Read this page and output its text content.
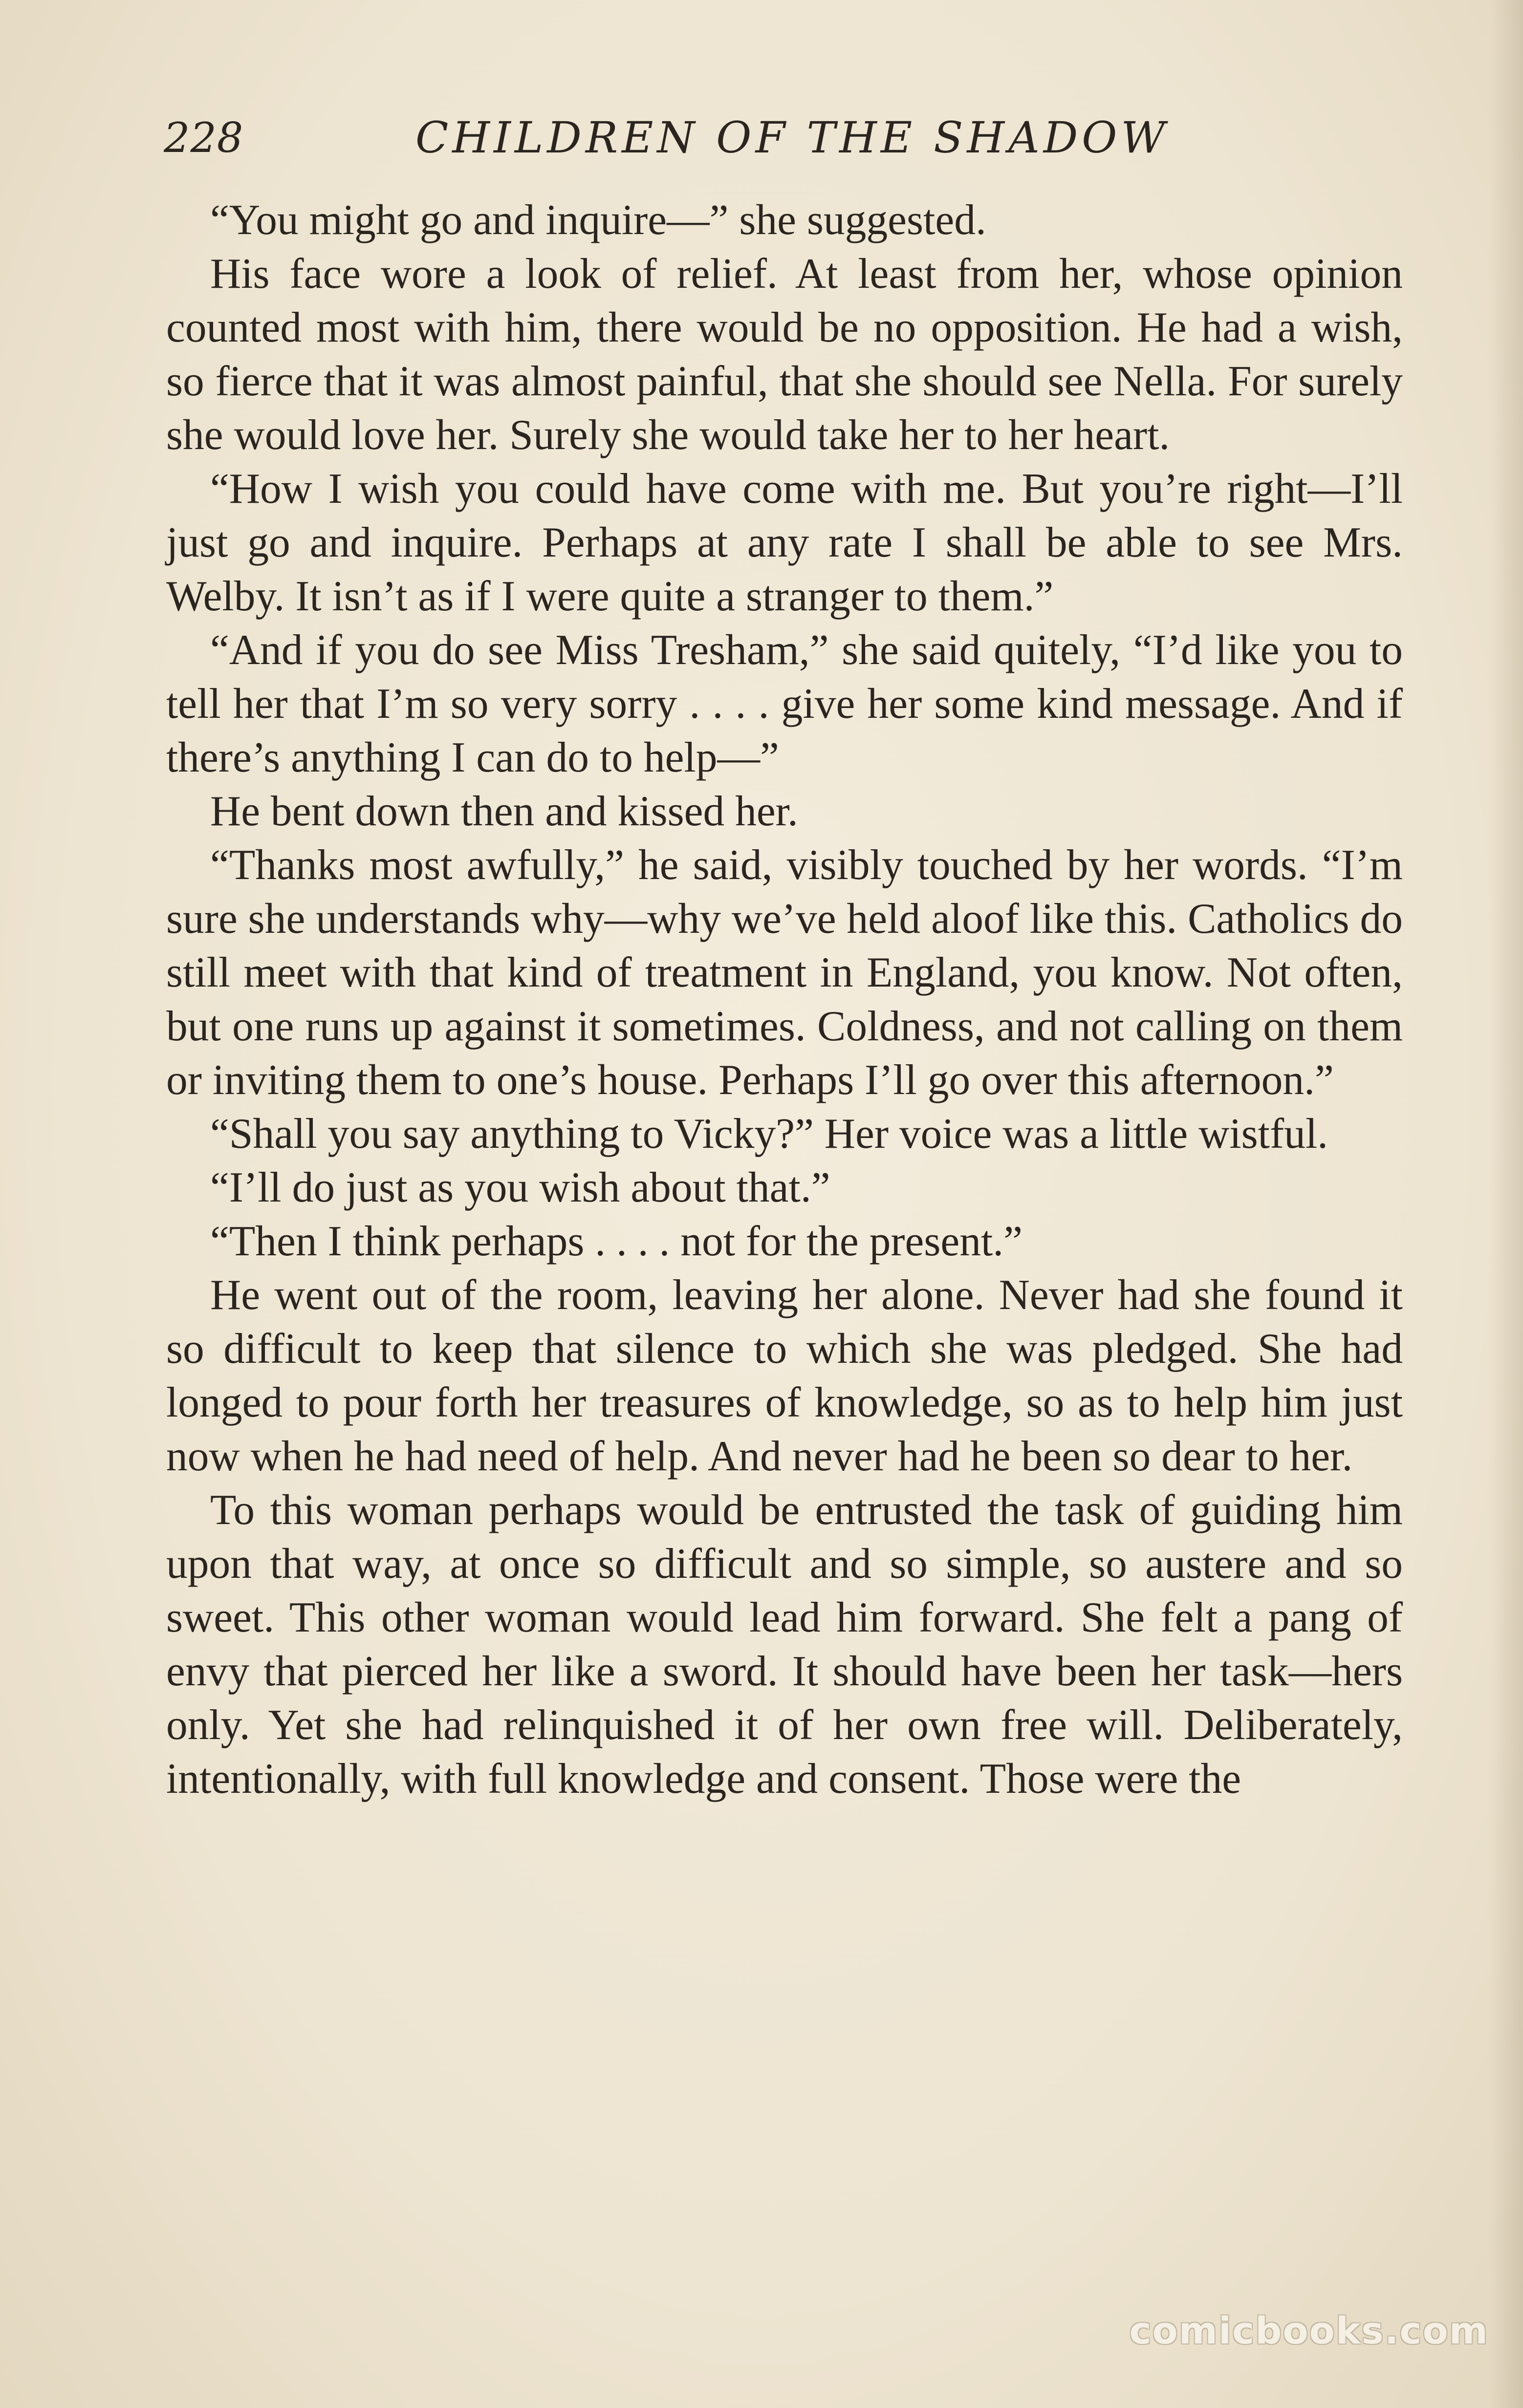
228	CHILDREN OF THE SHADOW

“You might go and inquire—” she suggested.

His face wore a look of relief. At least from her, whose opinion counted most with him, there would be no opposition. He had a wish, so fierce that it was almost painful, that she should see Nella. For surely she would love her. Surely she would take her to her heart.

“How I wish you could have come with me. But you’re right—I’ll just go and inquire. Perhaps at any rate I shall be able to see Mrs. Welby. It isn’t as if I were quite a stranger to them.”

“And if you do see Miss Tresham,” she said quitely, “I’d like you to tell her that I’m so very sorry . . . . give her some kind message. And if there’s anything I can do to help—”

He bent down then and kissed her.

“Thanks most awfully,” he said, visibly touched by her words. “I’m sure she understands why—why we’ve held aloof like this. Catholics do still meet with that kind of treatment in England, you know. Not often, but one runs up against it sometimes. Coldness, and not calling on them or inviting them to one’s house. Perhaps I’ll go over this afternoon.”

“Shall you say anything to Vicky?” Her voice was a little wistful.

“I’ll do just as you wish about that.”

“Then I think perhaps . . . . not for the present.”

He went out of the room, leaving her alone. Never had she found it so difficult to keep that silence to which she was pledged. She had longed to pour forth her treasures of knowledge, so as to help him just now when he had need of help. And never had he been so dear to her.

To this woman perhaps would be entrusted the task of guiding him upon that way, at once so difficult and so simple, so austere and so sweet. This other woman would lead him forward. She felt a pang of envy that pierced her like a sword. It should have been her task—hers only. Yet she had relinquished it of her own free will. Deliberately, intentionally, with full knowledge and consent. Those were the

comicbooks.com
